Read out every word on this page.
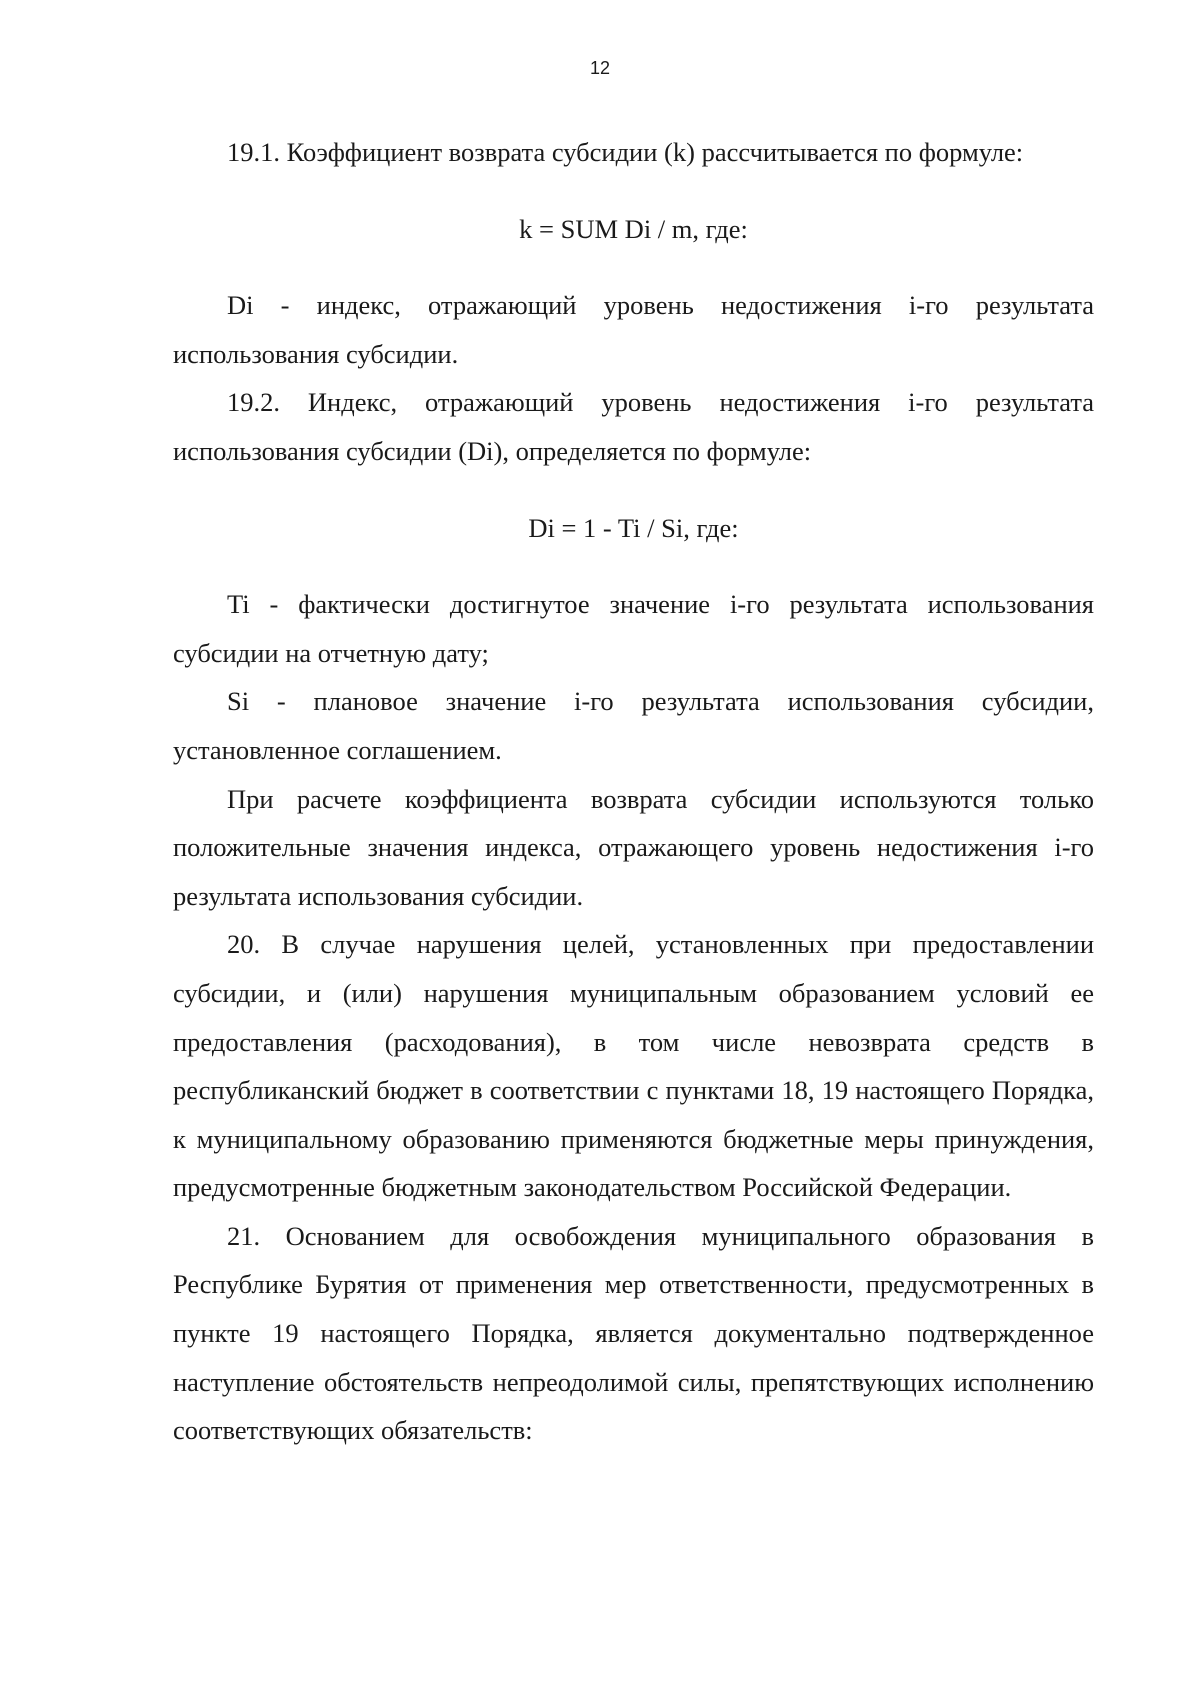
12

19.1. Коэффициент возврата субсидии (k) рассчитывается по формуле:

k = SUM Di / m, где:

Di - индекс, отражающий уровень недостижения i-го результата использования субсидии.

19.2. Индекс, отражающий уровень недостижения i-го результата использования субсидии (Di), определяется по формуле:

Di = 1 - Ti / Si, где:

Ti - фактически достигнутое значение i-го результата использования субсидии на отчетную дату;

Si - плановое значение i-го результата использования субсидии, установленное соглашением.

При расчете коэффициента возврата субсидии используются только положительные значения индекса, отражающего уровень недостижения i-го результата использования субсидии.

20. В случае нарушения целей, установленных при предоставлении субсидии, и (или) нарушения муниципальным образованием условий ее предоставления (расходования), в том числе невозврата средств в республиканский бюджет в соответствии с пунктами 18, 19 настоящего Порядка, к муниципальному образованию применяются бюджетные меры принуждения, предусмотренные бюджетным законодательством Российской Федерации.

21. Основанием для освобождения муниципального образования в Республике Бурятия от применения мер ответственности, предусмотренных в пункте 19 настоящего Порядка, является документально подтвержденное наступление обстоятельств непреодолимой силы, препятствующих исполнению соответствующих обязательств:
